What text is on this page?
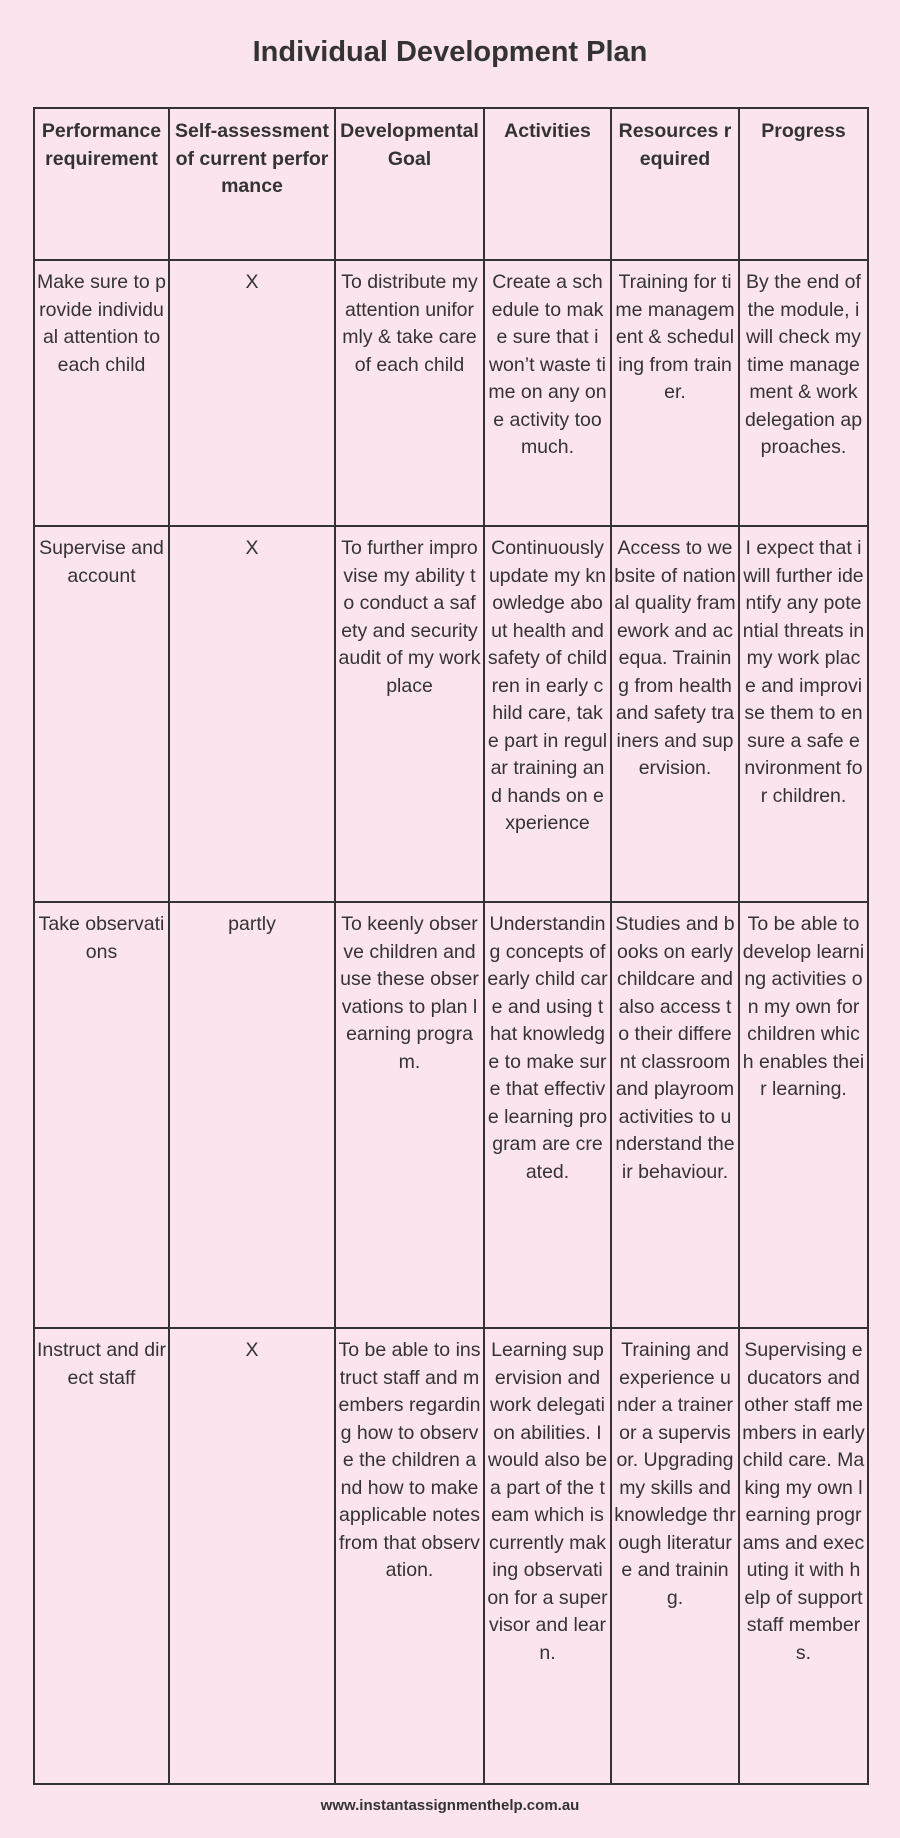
Individual Development Plan
Performance requirement	Self-assessment of current performance	Developmental Goal	Activities	Resources required	Progress
Make sure to provide individual attention to each child	X	To distribute my attention uniformly & take care of each child	Create a schedule to make sure that i won’t waste time on any one activity too much.	Training for time management & scheduling from trainer.	By the end of the module, i will check my time management & work delegation approaches.
Supervise and account	X	To further improvise my ability to conduct a safety and security audit of my work place	Continuously update my knowledge about health and safety of children in early child care, take part in regular training and hands on experience	Access to website of national quality framework and acequa. Training from health and safety trainers and supervision.	I expect that i will further identify any potential threats in my work place and improvise them to ensure a safe environment for children.
Take observations	partly	To keenly observe children and use these observations to plan learning program.	Understanding concepts of early child care and using that knowledge to make sure that effective learning program are created.	Studies and books on early childcare and also access to their different classroom and playroom activities to understand their behaviour.	To be able to develop learning activities on my own for children which enables their learning.
Instruct and direct staff	X	To be able to instruct staff and members regarding how to observe the children and how to make applicable notes from that observation.	Learning supervision and work delegation abilities. I would also be a part of the team which is currently making observation for a supervisor and learn.	Training and experience under a trainer or a supervisor. Upgrading my skills and knowledge through literature and training.	Supervising educators and other staff members in early child care. Making my own learning programs and executing it with help of support staff members.
www.instantassignmenthelp.com.au
